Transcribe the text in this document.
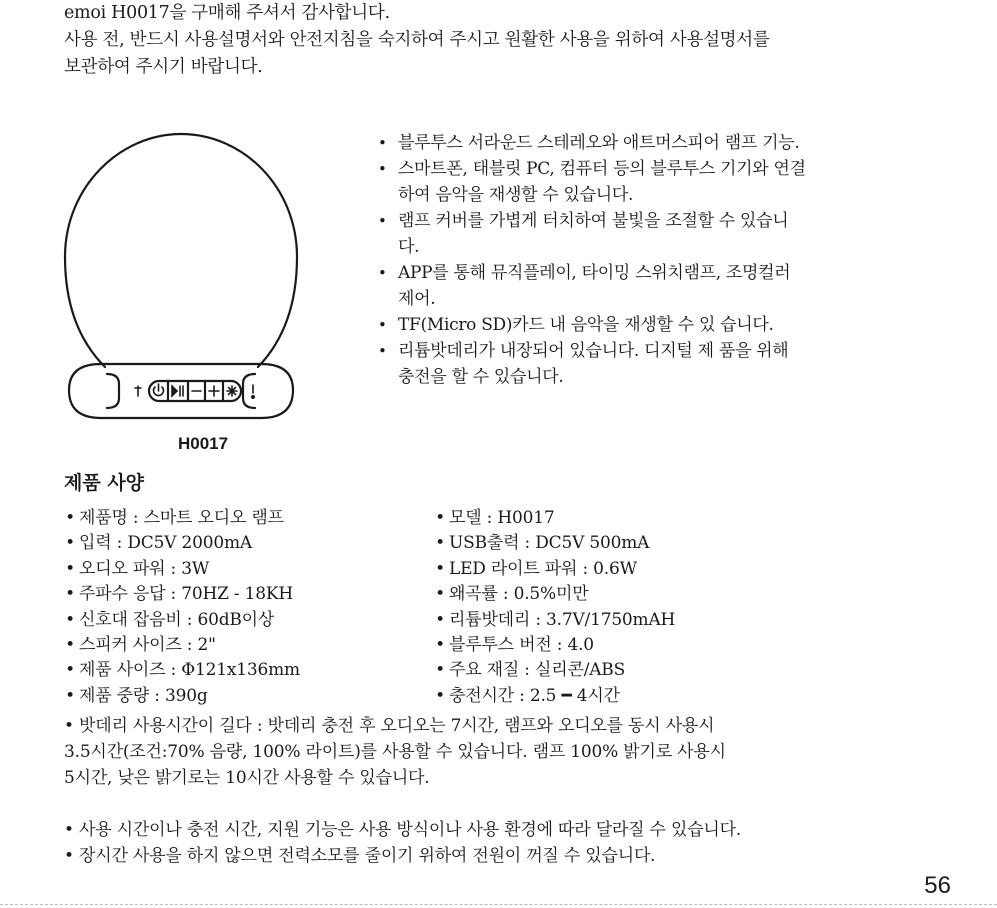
emoi H0017을 구매해 주셔서 감사합니다.
사용 전, 반드시 사용설명서와 안전지침을 숙지하여 주시고 원활한 사용을 위하여 사용설명서를
보관하여 주시기 바랍니다.
H0017
• 블루투스 서라운드 스테레오와 애트머스피어 램프 기능.
• 스마트폰, 태블릿 PC, 컴퓨터 등의 블루투스 기기와 연결하여 음악을 재생할 수 있습니다.
• 램프 커버를 가볍게 터치하여 불빛을 조절할 수 있습니다.
• APP를 통해 뮤직플레이, 타이밍 스위치램프, 조명컬러 제어.
• TF(Micro SD)카드 내 음악을 재생할 수 있 습니다.
• 리튬밧데리가 내장되어 있습니다. 디지털 제 품을 위해 충전을 할 수 있습니다.
제품 사양
• 제품명 : 스마트 오디오 램프	• 모델 : H0017
• 입력 : DC5V 2000mA	• USB출력 : DC5V 500mA
• 오디오 파워 : 3W	• LED 라이트 파워 : 0.6W
• 주파수 응답 : 70HZ - 18KH	• 왜곡률 : 0.5%미만
• 신호대 잡음비 : 60dB이상	• 리튬밧데리 : 3.7V/1750mAH
• 스피커 사이즈 : 2"	• 블루투스 버전 : 4.0
• 제품 사이즈 : Φ121x136mm	• 주요 재질 : 실리콘/ABS
• 제품 중량 : 390g	• 충전시간 : 2.5 ━ 4시간
• 밧데리 사용시간이 길다 : 밧데리 충전 후 오디오는 7시간, 램프와 오디오를 동시 사용시
3.5시간(조건:70% 음량, 100% 라이트)를 사용할 수 있습니다. 램프 100% 밝기로 사용시
5시간, 낮은 밝기로는 10시간 사용할 수 있습니다.
• 사용 시간이나 충전 시간, 지원 기능은 사용 방식이나 사용 환경에 따라 달라질 수 있습니다.
• 장시간 사용을 하지 않으면 전력소모를 줄이기 위하여 전원이 꺼질 수 있습니다.
56
